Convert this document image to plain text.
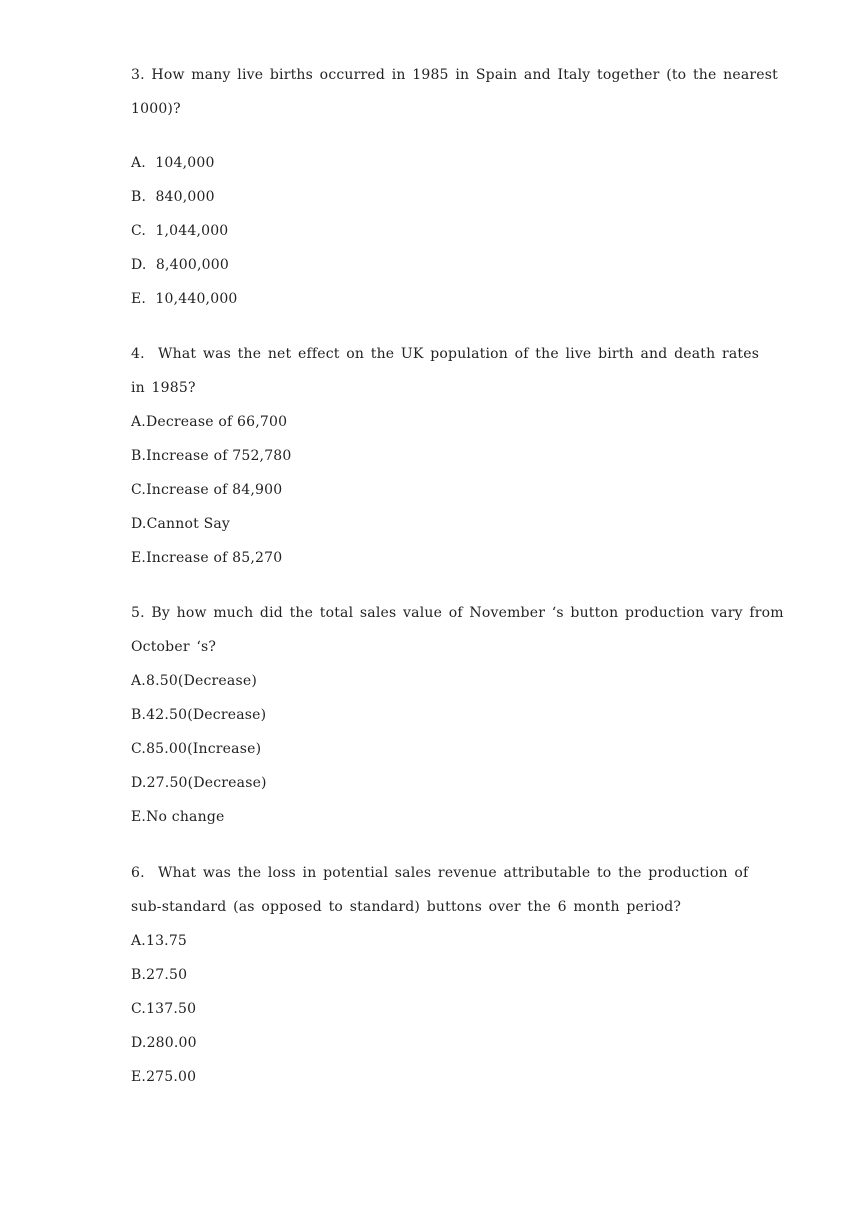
3. How many live births occurred in 1985 in Spain and Italy together (to the nearest
1000)?
A.  104,000
B.  840,000
C.  1,044,000
D.  8,400,000
E.  10,440,000
4.  What was the net effect on the UK population of the live birth and death rates
in 1985?
A.Decrease of 66,700
B.Increase of 752,780
C.Increase of 84,900
D.Cannot Say
E.Increase of 85,270
5. By how much did the total sales value of November ‘s button production vary from
October ‘s?
A.8.50(Decrease)
B.42.50(Decrease)
C.85.00(Increase)
D.27.50(Decrease)
E.No change
6.  What was the loss in potential sales revenue attributable to the production of
sub-standard (as opposed to standard) buttons over the 6 month period?
A.13.75
B.27.50
C.137.50
D.280.00
E.275.00
